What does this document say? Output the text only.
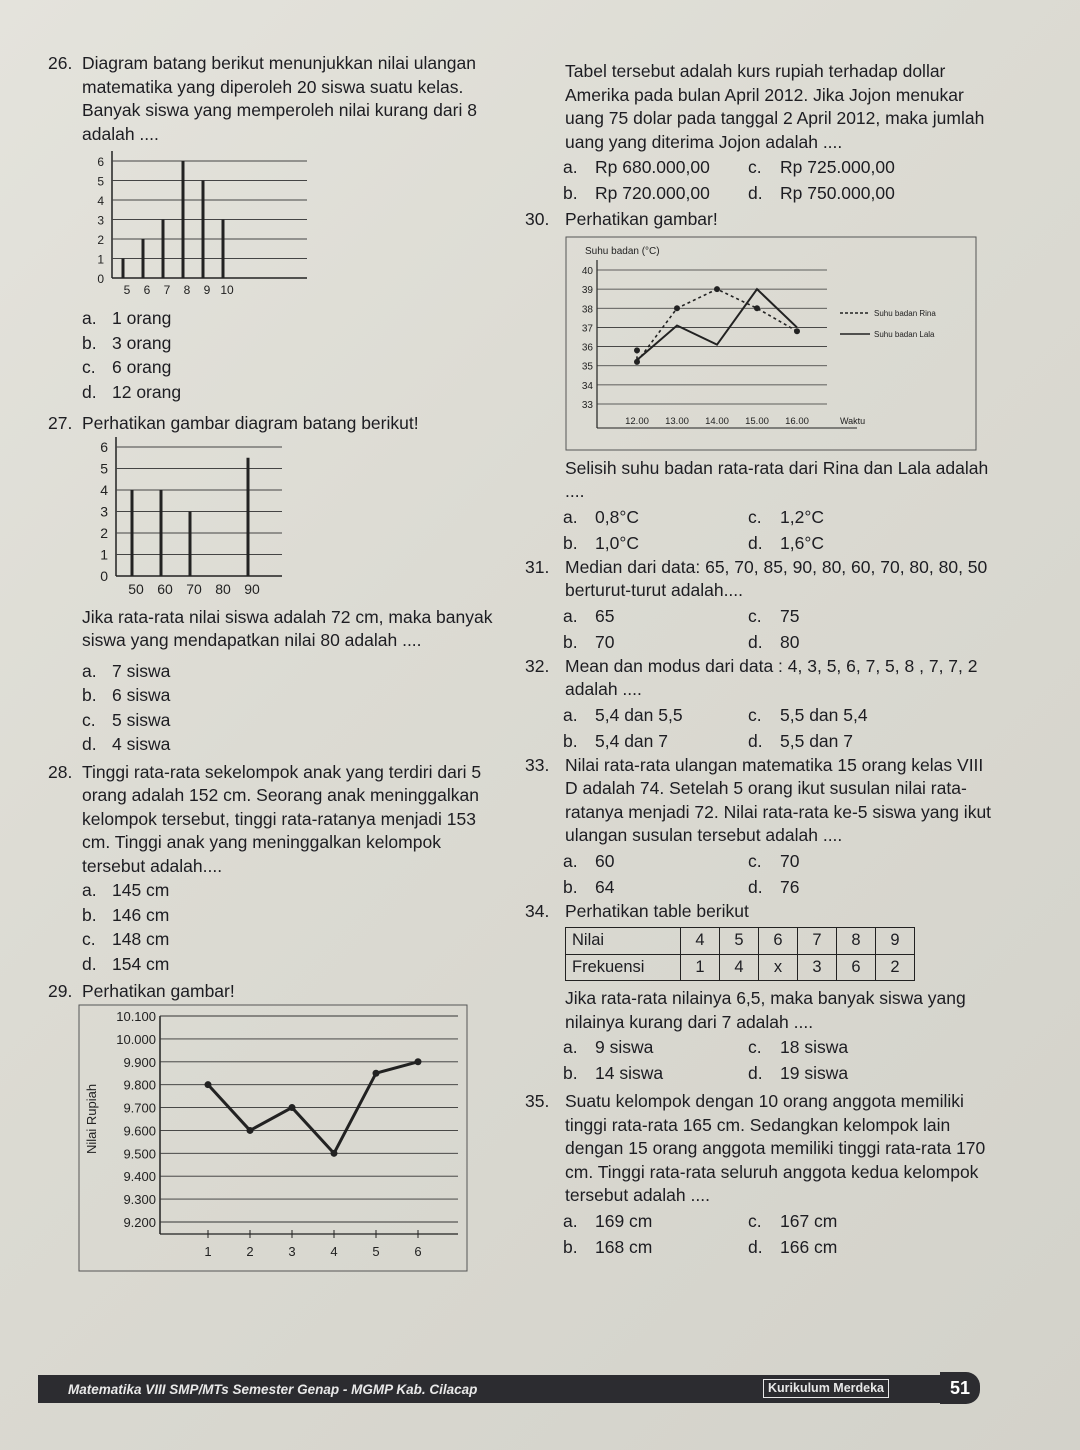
26. Diagram batang berikut menunjukkan nilai ulangan matematika yang diperoleh 20 siswa suatu kelas. Banyak siswa yang memperoleh nilai kurang dari 8 adalah ....
0
1
2
3
4
5
6
5 6 7 8 9 10
a. 1 orang
b. 3 orang
c. 6 orang
d. 12 orang
27. Perhatikan gambar diagram batang berikut!
0
1
2
3
4
5
6
50 60 70 80 90
Jika rata-rata nilai siswa adalah 72 cm, maka banyak siswa yang mendapatkan nilai 80 adalah ....
a. 7 siswa
b. 6 siswa
c. 5 siswa
d. 4 siswa
28. Tinggi rata-rata sekelompok anak yang terdiri dari 5 orang adalah 152 cm. Seorang anak meninggalkan kelompok tersebut, tinggi rata-ratanya menjadi 153 cm. Tinggi anak yang meninggalkan kelompok tersebut adalah....
a. 145 cm
b. 146 cm
c. 148 cm
d. 154 cm
29. Perhatikan gambar!
9.200
9.300
9.400
9.500
9.600
9.700
9.800
9.900
10.000
10.100
Nilai Rupiah
1	2	3	4	5	6
Tabel tersebut adalah kurs rupiah terhadap dollar Amerika pada bulan April 2012. Jika Jojon menukar uang 75 dolar pada tanggal 2 April 2012, maka jumlah uang yang diterima Jojon adalah ....
a. Rp 680.000,00 c.	Rp 725.000,00
b. Rp 720.000,00 d. Rp 750.000,00
30. Perhatikan gambar!
Suhu badan (°C)
33
34
35
36
37
38
39
40
12.00 13.00 14.00 15.00 16.00	Waktu
Suhu badan Rina
Suhu badan Lala
Selisih suhu badan rata-rata dari Rina dan Lala adalah ....
a. 0,8°C	c.	1,2°C
b. 1,0°C	d. 1,6°C
31. Median dari data: 65, 70, 85, 90, 80, 60, 70, 80, 80, 50 berturut-turut adalah....
a. 65	c.	75
b. 70	d. 80
32. Mean dan modus dari data : 4, 3, 5, 6, 7, 5, 8 , 7, 7, 2 adalah ....
a. 5,4 dan 5,5	c.	5,5 dan 5,4
b. 5,4 dan 7	d. 5,5 dan 7
33. Nilai rata-rata ulangan matematika 15 orang kelas VIII D adalah 74. Setelah 5 orang ikut susulan nilai rata-ratanya menjadi 72. Nilai rata-rata ke-5 siswa yang ikut ulangan susulan tersebut adalah ....
a. 60	c.	70
b. 64	d. 76
34. Perhatikan table berikut
Nilai	4	5	6	7	8	9
Frekuensi	1	4	x	3	6	2
Jika rata-rata nilainya 6,5, maka banyak siswa yang nilainya kurang dari 7 adalah ....
a. 9 siswa	c.	18 siswa
b. 14 siswa	d. 19 siswa
35. Suatu kelompok dengan 10 orang anggota memiliki tinggi rata-rata 165 cm. Sedangkan kelompok lain dengan 15 orang anggota memiliki tinggi rata-rata 170 cm. Tinggi rata-rata seluruh anggota kedua kelompok tersebut adalah ....
a. 169 cm	c.	167 cm
b. 168 cm	d. 166 cm
Matematika VIII SMP/MTs Semester Genap - MGMP Kab. Cilacap	Kurikulum Merdeka	51
